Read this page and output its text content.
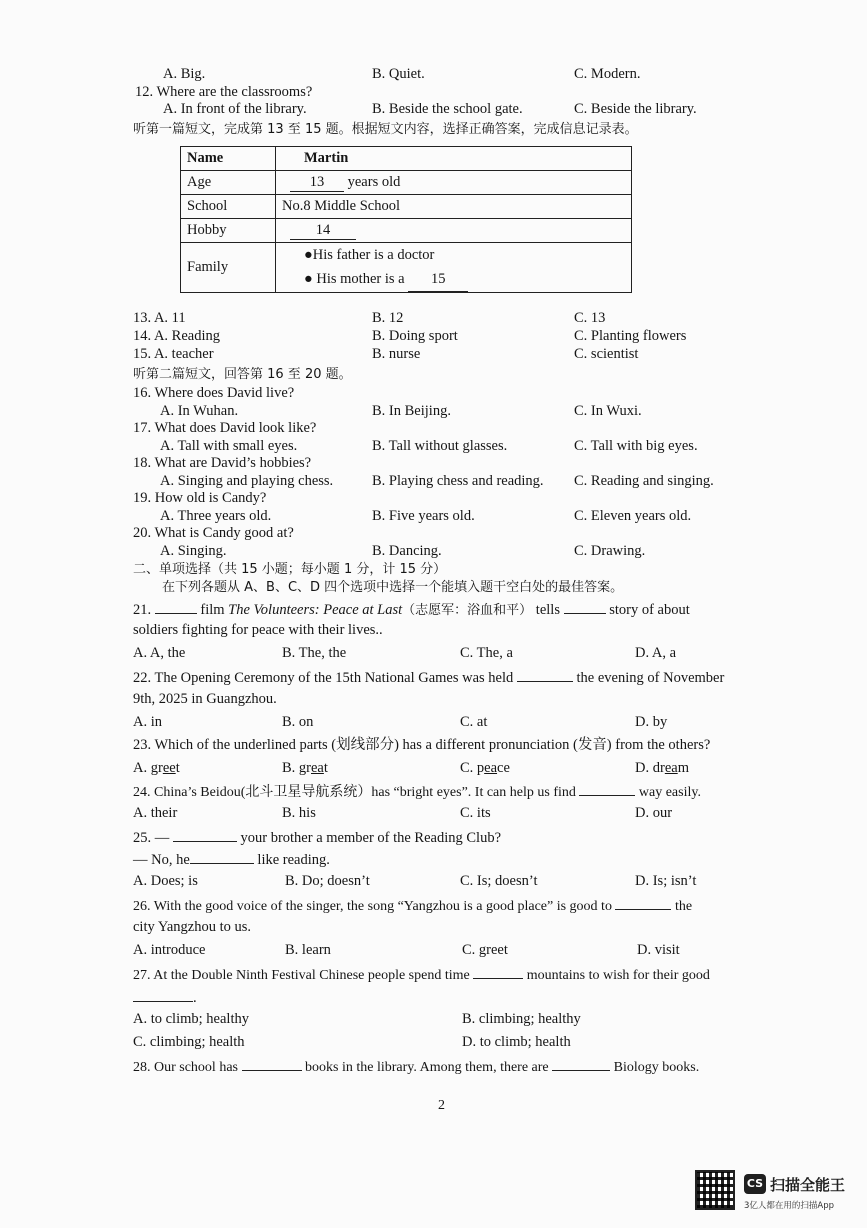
A. Big.	B. Quiet.	C. Modern.
12. Where are the classrooms?
A. In front of the library.	B. Beside the school gate.	C. Beside the library.
听第一篇短文，完成第 13 至 15 题。根据短文内容，选择正确答案，完成信息记录表。
Name	Martin
Age	13 years old
School	No.8 Middle School
Hobby	14
Family	●His father is a doctor
● His mother is a 15
13. A. 11	B. 12	C. 13
14. A. Reading	B. Doing sport	C. Planting flowers
15. A. teacher	B. nurse	C. scientist
听第二篇短文，回答第 16 至 20 题。
16. Where does David live?
A. In Wuhan.	B. In Beijing.	C. In Wuxi.
17. What does David look like?
A. Tall with small eyes.	B. Tall without glasses.	C. Tall with big eyes.
18. What are David’s hobbies?
A. Singing and playing chess.	B. Playing chess and reading. C. Reading and singing.
19. How old is Candy?
A. Three years old.	B. Five years old.	C. Eleven years old.
20. What is Candy good at?
A. Singing.	B. Dancing.	C. Drawing.
二、单项选择（共 15 小题；每小题 1 分，计 15 分）
在下列各题从 A、B、C、D 四个选项中选择一个能填入题干空白处的最佳答案。
21.	film The Volunteers: Peace at Last（志愿军：浴血和平） tells	story of about
soldiers fighting for peace with their lives..
A. A, the	B. The, the	C. The, a	D. A, a
22. The Opening Ceremony of the 15th National Games was held	the evening of November
9th, 2025 in Guangzhou.
A. in	B. on	C. at	D. by
23. Which of the underlined parts (划线部分) has a different pronunciation (发音) from the others?
A. greet	B. great	C. peace	D. dream
24. China’s Beidou(北斗卫星导航系统）has “bright eyes”. It can help us find	way easily.
A. their	B. his	C. its	D. our
25. —	your brother a member of the Reading Club?
— No, he	like reading.
A. Does; is	B. Do; doesn’t	C. Is; doesn’t	D. Is; isn’t
26. With the good voice of the singer, the song “Yangzhou is a good place” is good to	the
city Yangzhou to us.
A. introduce	B. learn	C. greet	D. visit
27. At the Double Ninth Festival Chinese people spend time	mountains to wish for their good
.
A. to climb; healthy	B. climbing; healthy
C. climbing; health	D. to climb; health
28. Our school has	books in the library. Among them, there are	Biology books.
2
CS 扫描全能王
3亿人都在用的扫描App
